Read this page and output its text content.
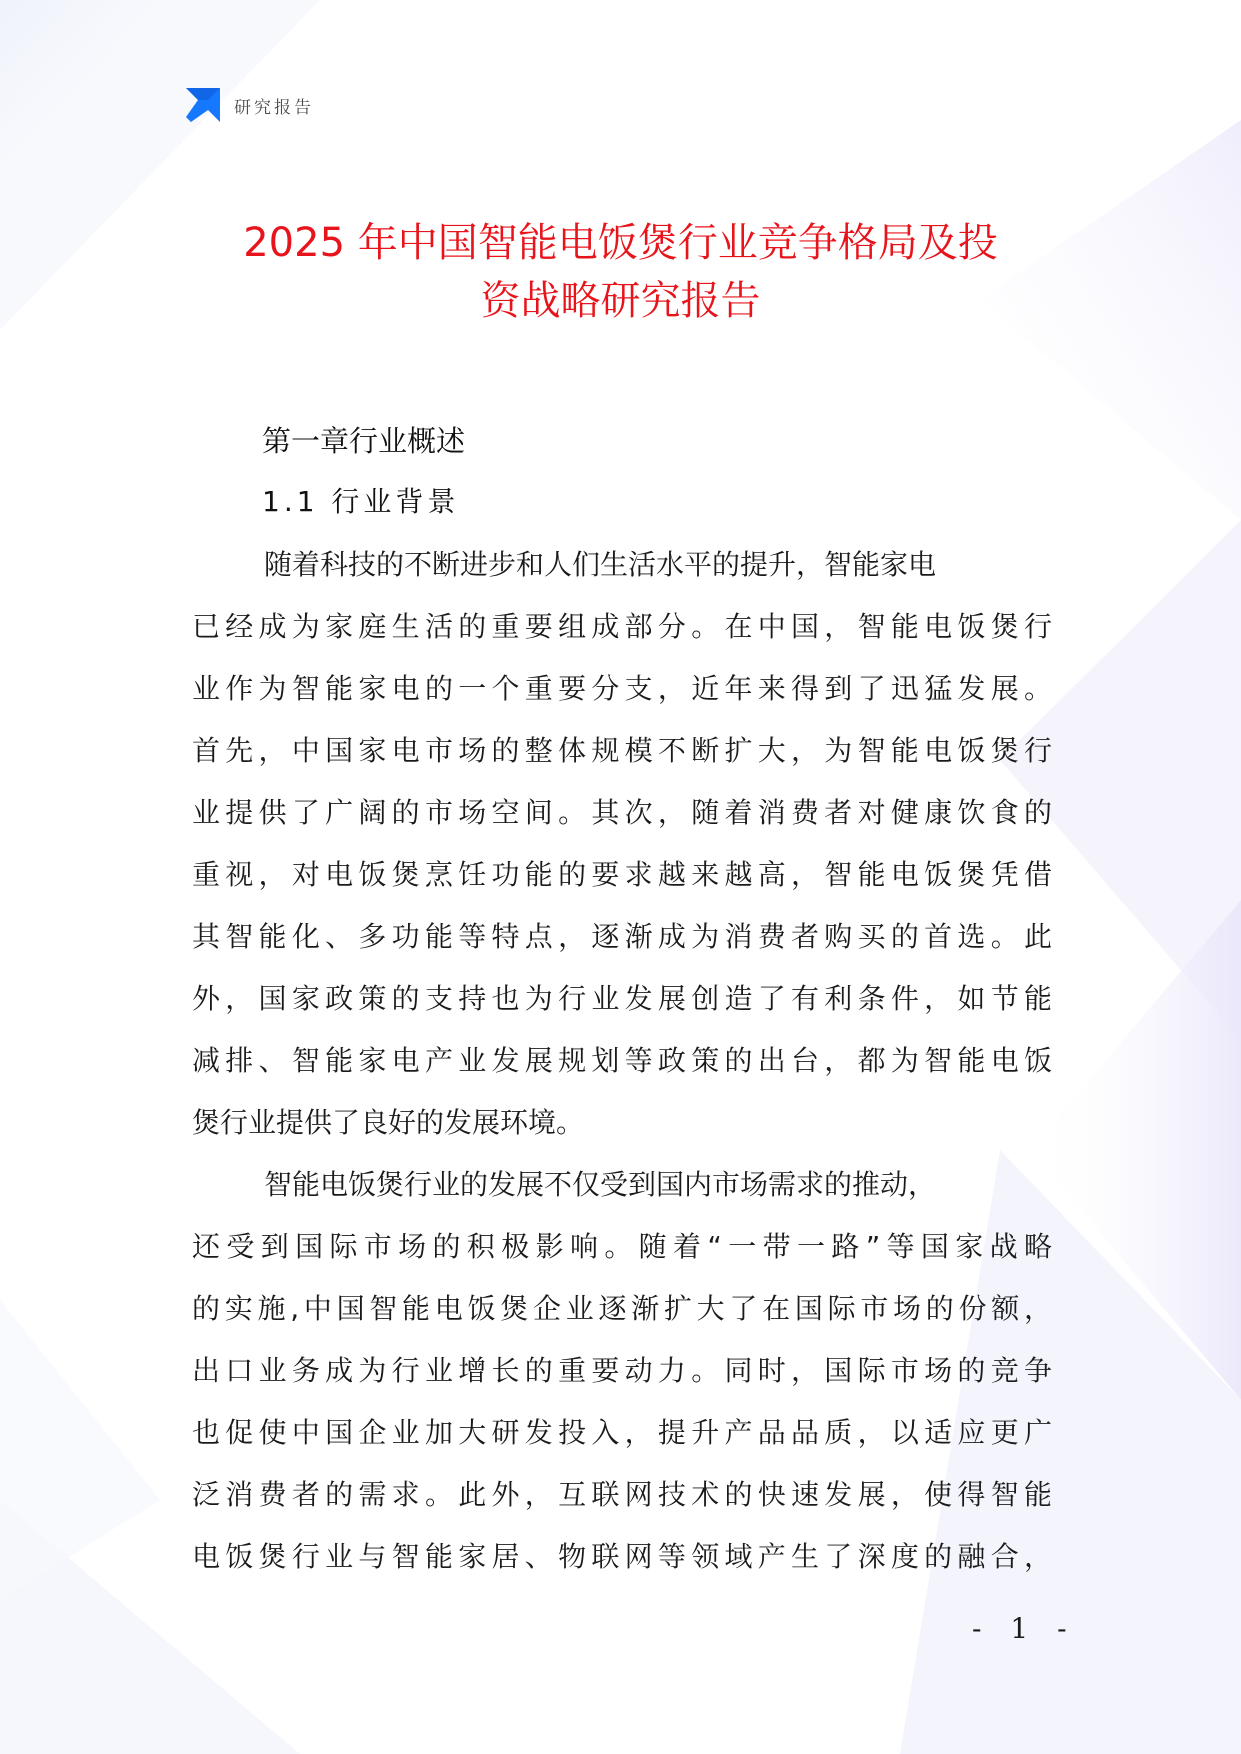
研究报告
2025 年中国智能电饭煲行业竞争格局及投
资战略研究报告
第一章行业概述
1.1 行业背景
随着科技的不断进步和人们生活水平的提升，智能家电
已经成为家庭生活的重要组成部分。在中国，智能电饭煲行
业作为智能家电的一个重要分支，近年来得到了迅猛发展。
首先，中国家电市场的整体规模不断扩大，为智能电饭煲行
业提供了广阔的市场空间。其次，随着消费者对健康饮食的
重视，对电饭煲烹饪功能的要求越来越高，智能电饭煲凭借
其智能化、多功能等特点，逐渐成为消费者购买的首选。此
外，国家政策的支持也为行业发展创造了有利条件，如节能
减排、智能家电产业发展规划等政策的出台，都为智能电饭
煲行业提供了良好的发展环境。
智能电饭煲行业的发展不仅受到国内市场需求的推动，
还受到国际市场的积极影响。随着“一带一路”等国家战略
的实施,中国智能电饭煲企业逐渐扩大了在国际市场的份额，
出口业务成为行业增长的重要动力。同时，国际市场的竞争
也促使中国企业加大研发投入，提升产品品质，以适应更广
泛消费者的需求。此外，互联网技术的快速发展，使得智能
电饭煲行业与智能家居、物联网等领域产生了深度的融合，
- 1 -
